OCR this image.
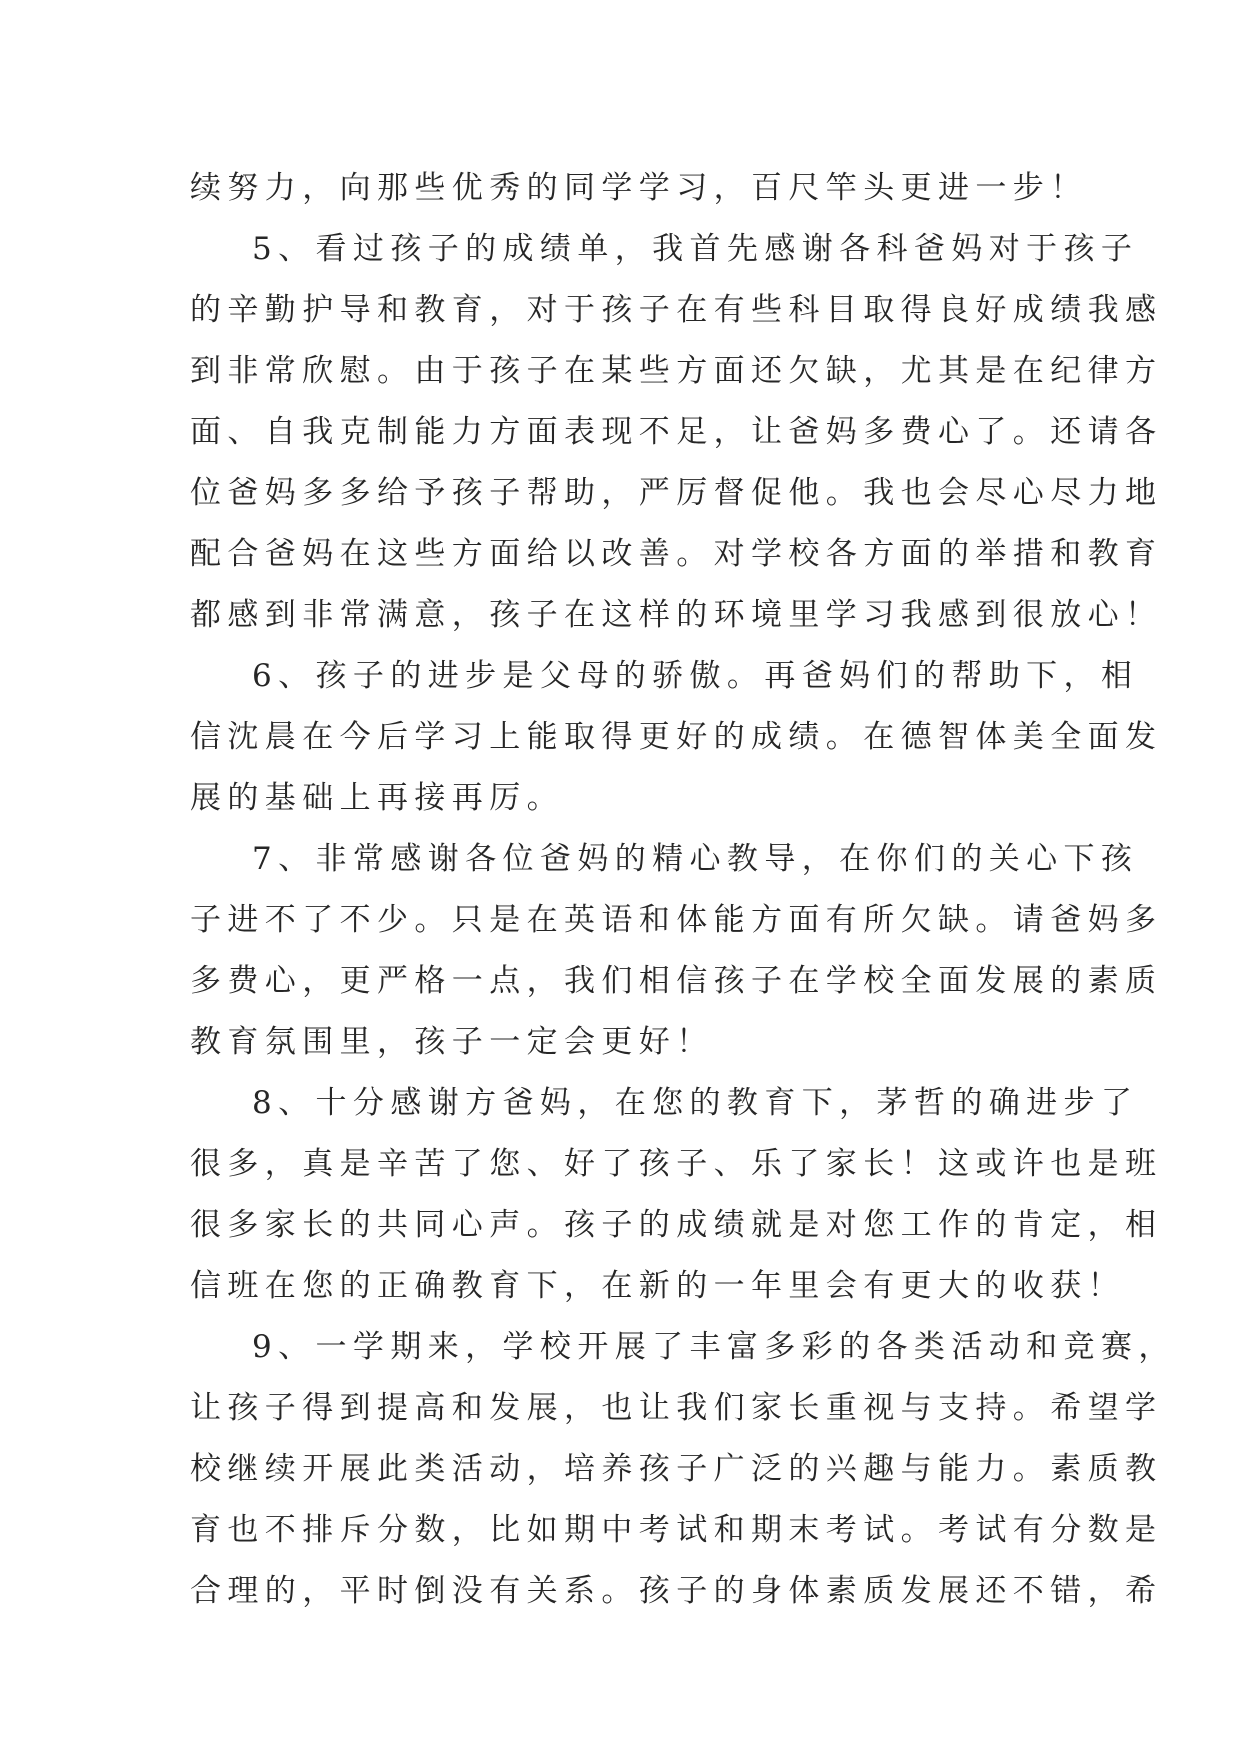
续努力，向那些优秀的同学学习，百尺竿头更进一步！
5、看过孩子的成绩单，我首先感谢各科爸妈对于孩子
的辛勤护导和教育，对于孩子在有些科目取得良好成绩我感
到非常欣慰。由于孩子在某些方面还欠缺，尤其是在纪律方
面、自我克制能力方面表现不足，让爸妈多费心了。还请各
位爸妈多多给予孩子帮助，严厉督促他。我也会尽心尽力地
配合爸妈在这些方面给以改善。对学校各方面的举措和教育
都感到非常满意，孩子在这样的环境里学习我感到很放心！
6、孩子的进步是父母的骄傲。再爸妈们的帮助下，相
信沈晨在今后学习上能取得更好的成绩。在德智体美全面发
展的基础上再接再厉。
7、非常感谢各位爸妈的精心教导，在你们的关心下孩
子进不了不少。只是在英语和体能方面有所欠缺。请爸妈多
多费心，更严格一点，我们相信孩子在学校全面发展的素质
教育氛围里，孩子一定会更好！
8、十分感谢方爸妈，在您的教育下，茅哲的确进步了
很多，真是辛苦了您、好了孩子、乐了家长！这或许也是班
很多家长的共同心声。孩子的成绩就是对您工作的肯定，相
信班在您的正确教育下，在新的一年里会有更大的收获！
9、一学期来，学校开展了丰富多彩的各类活动和竞赛，
让孩子得到提高和发展，也让我们家长重视与支持。希望学
校继续开展此类活动，培养孩子广泛的兴趣与能力。素质教
育也不排斥分数，比如期中考试和期末考试。考试有分数是
合理的，平时倒没有关系。孩子的身体素质发展还不错，希
